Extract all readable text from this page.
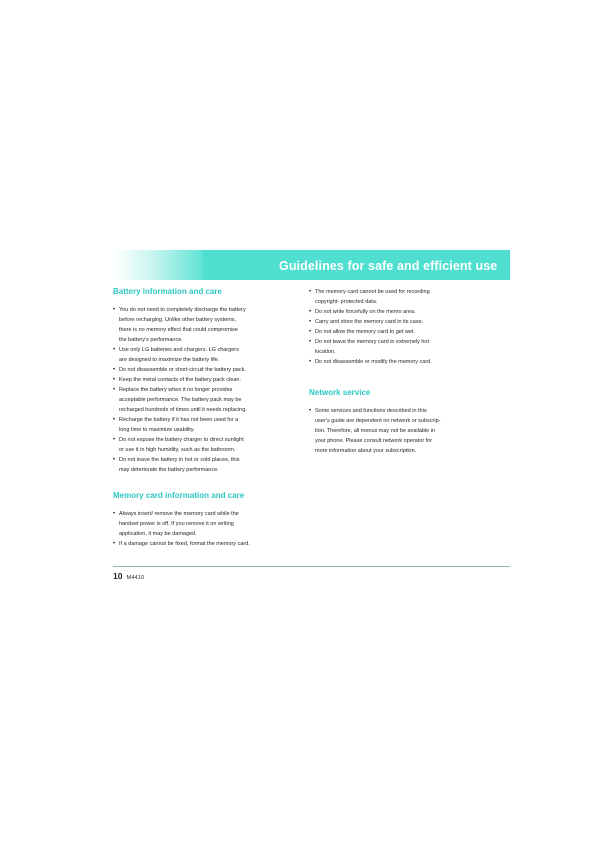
Guidelines for safe and efficient use
Battery information and care
• You do not need to completely discharge the battery
before recharging. Unlike other battery systems,
there is no memory effect that could compromise
the battery’s performance.
• Use only LG batteries and chargers. LG chargers
are designed to maximize the battery life.
• Do not disassemble or short-circuit the battery pack.
• Keep the metal contacts of the battery pack clean.
• Replace the battery when it no longer provides
acceptable performance. The battery pack may be
recharged hundreds of times until it needs replacing.
• Recharge the battery if it has not been used for a
long time to maximize usability.
• Do not expose the battery charger to direct sunlight
or use it in high humidity, such as the bathroom.
• Do not leave the battery in hot or cold places, this
may deteriorate the battery performance.
Memory card information and care
• Always insert/ remove the memory card while the
handset power is off. If you remove it on writing
application, it may be damaged.
• If a damage cannot be fixed, format the memory card.
• The memory card cannot be used for recording
copyright- protected data.
• Do not write forcefully on the memo area.
• Carry and store the memory card in its case.
• Do not allow the memory card to get wet.
• Do not leave the memory card in extremely hot
location.
• Do not disassemble or modify the memory card.
Network service
• Some services and functions described in this
user’s guide are dependent on network or subscrip-
tion. Therefore, all menus may not be available in
your phone. Please consult network operator for
more information about your subscription.
10 M4410
